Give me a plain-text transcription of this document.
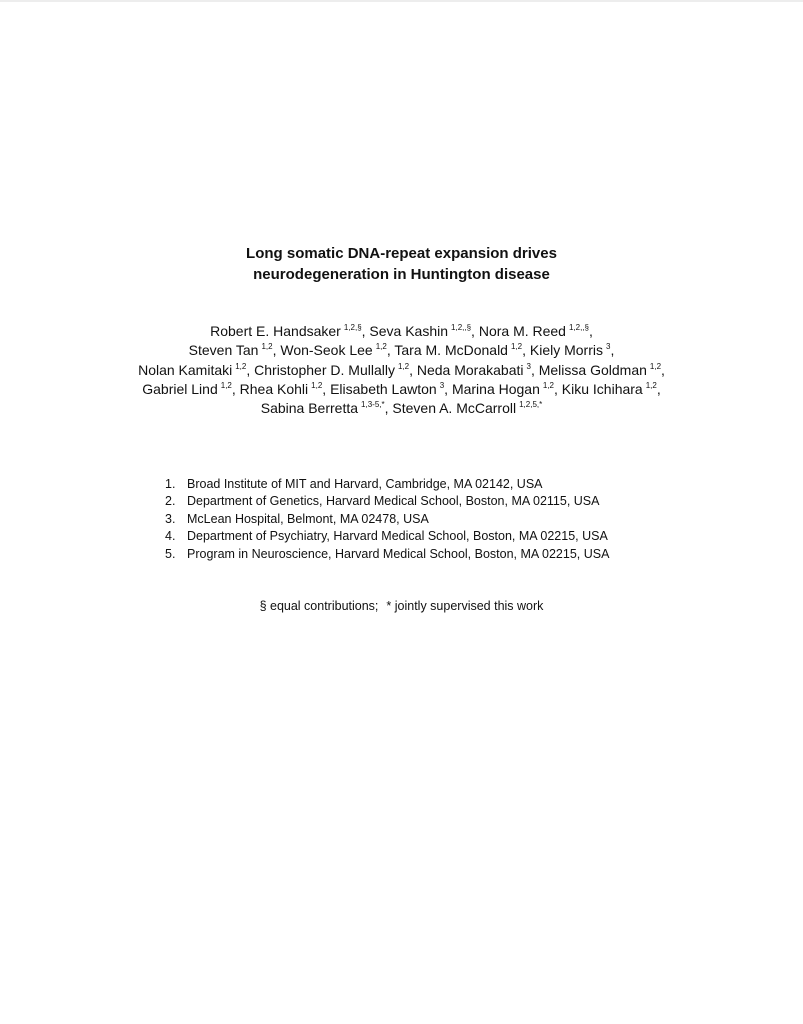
Long somatic DNA-repeat expansion drives
neurodegeneration in Huntington disease
Robert E. Handsaker $^{1,2,\S}$, Seva Kashin $^{1,2,,\S}$, Nora M. Reed $^{1,2,,\S}$,
Steven Tan $^{1,2}$, Won-Seok Lee $^{1,2}$, Tara M. McDonald $^{1,2}$, Kiely Morris $^3$,
Nolan Kamitaki $^{1,2}$, Christopher D. Mullally $^{1,2}$, Neda Morakabati $^3$, Melissa Goldman $^{1,2}$,
Gabriel Lind $^{1,2}$, Rhea Kohli $^{1,2}$, Elisabeth Lawton $^3$, Marina Hogan $^{1,2}$, Kiku Ichihara $^{1,2}$,
Sabina Berretta $^{1,3-5,*}$, Steven A. McCarroll $^{1,2,5,*}$
1. Broad Institute of MIT and Harvard, Cambridge, MA 02142, USA
2. Department of Genetics, Harvard Medical School, Boston, MA 02115, USA
3. McLean Hospital, Belmont, MA 02478, USA
4. Department of Psychiatry, Harvard Medical School, Boston, MA 02215, USA
5. Program in Neuroscience, Harvard Medical School, Boston, MA 02215, USA
§ equal contributions; * jointly supervised this work
